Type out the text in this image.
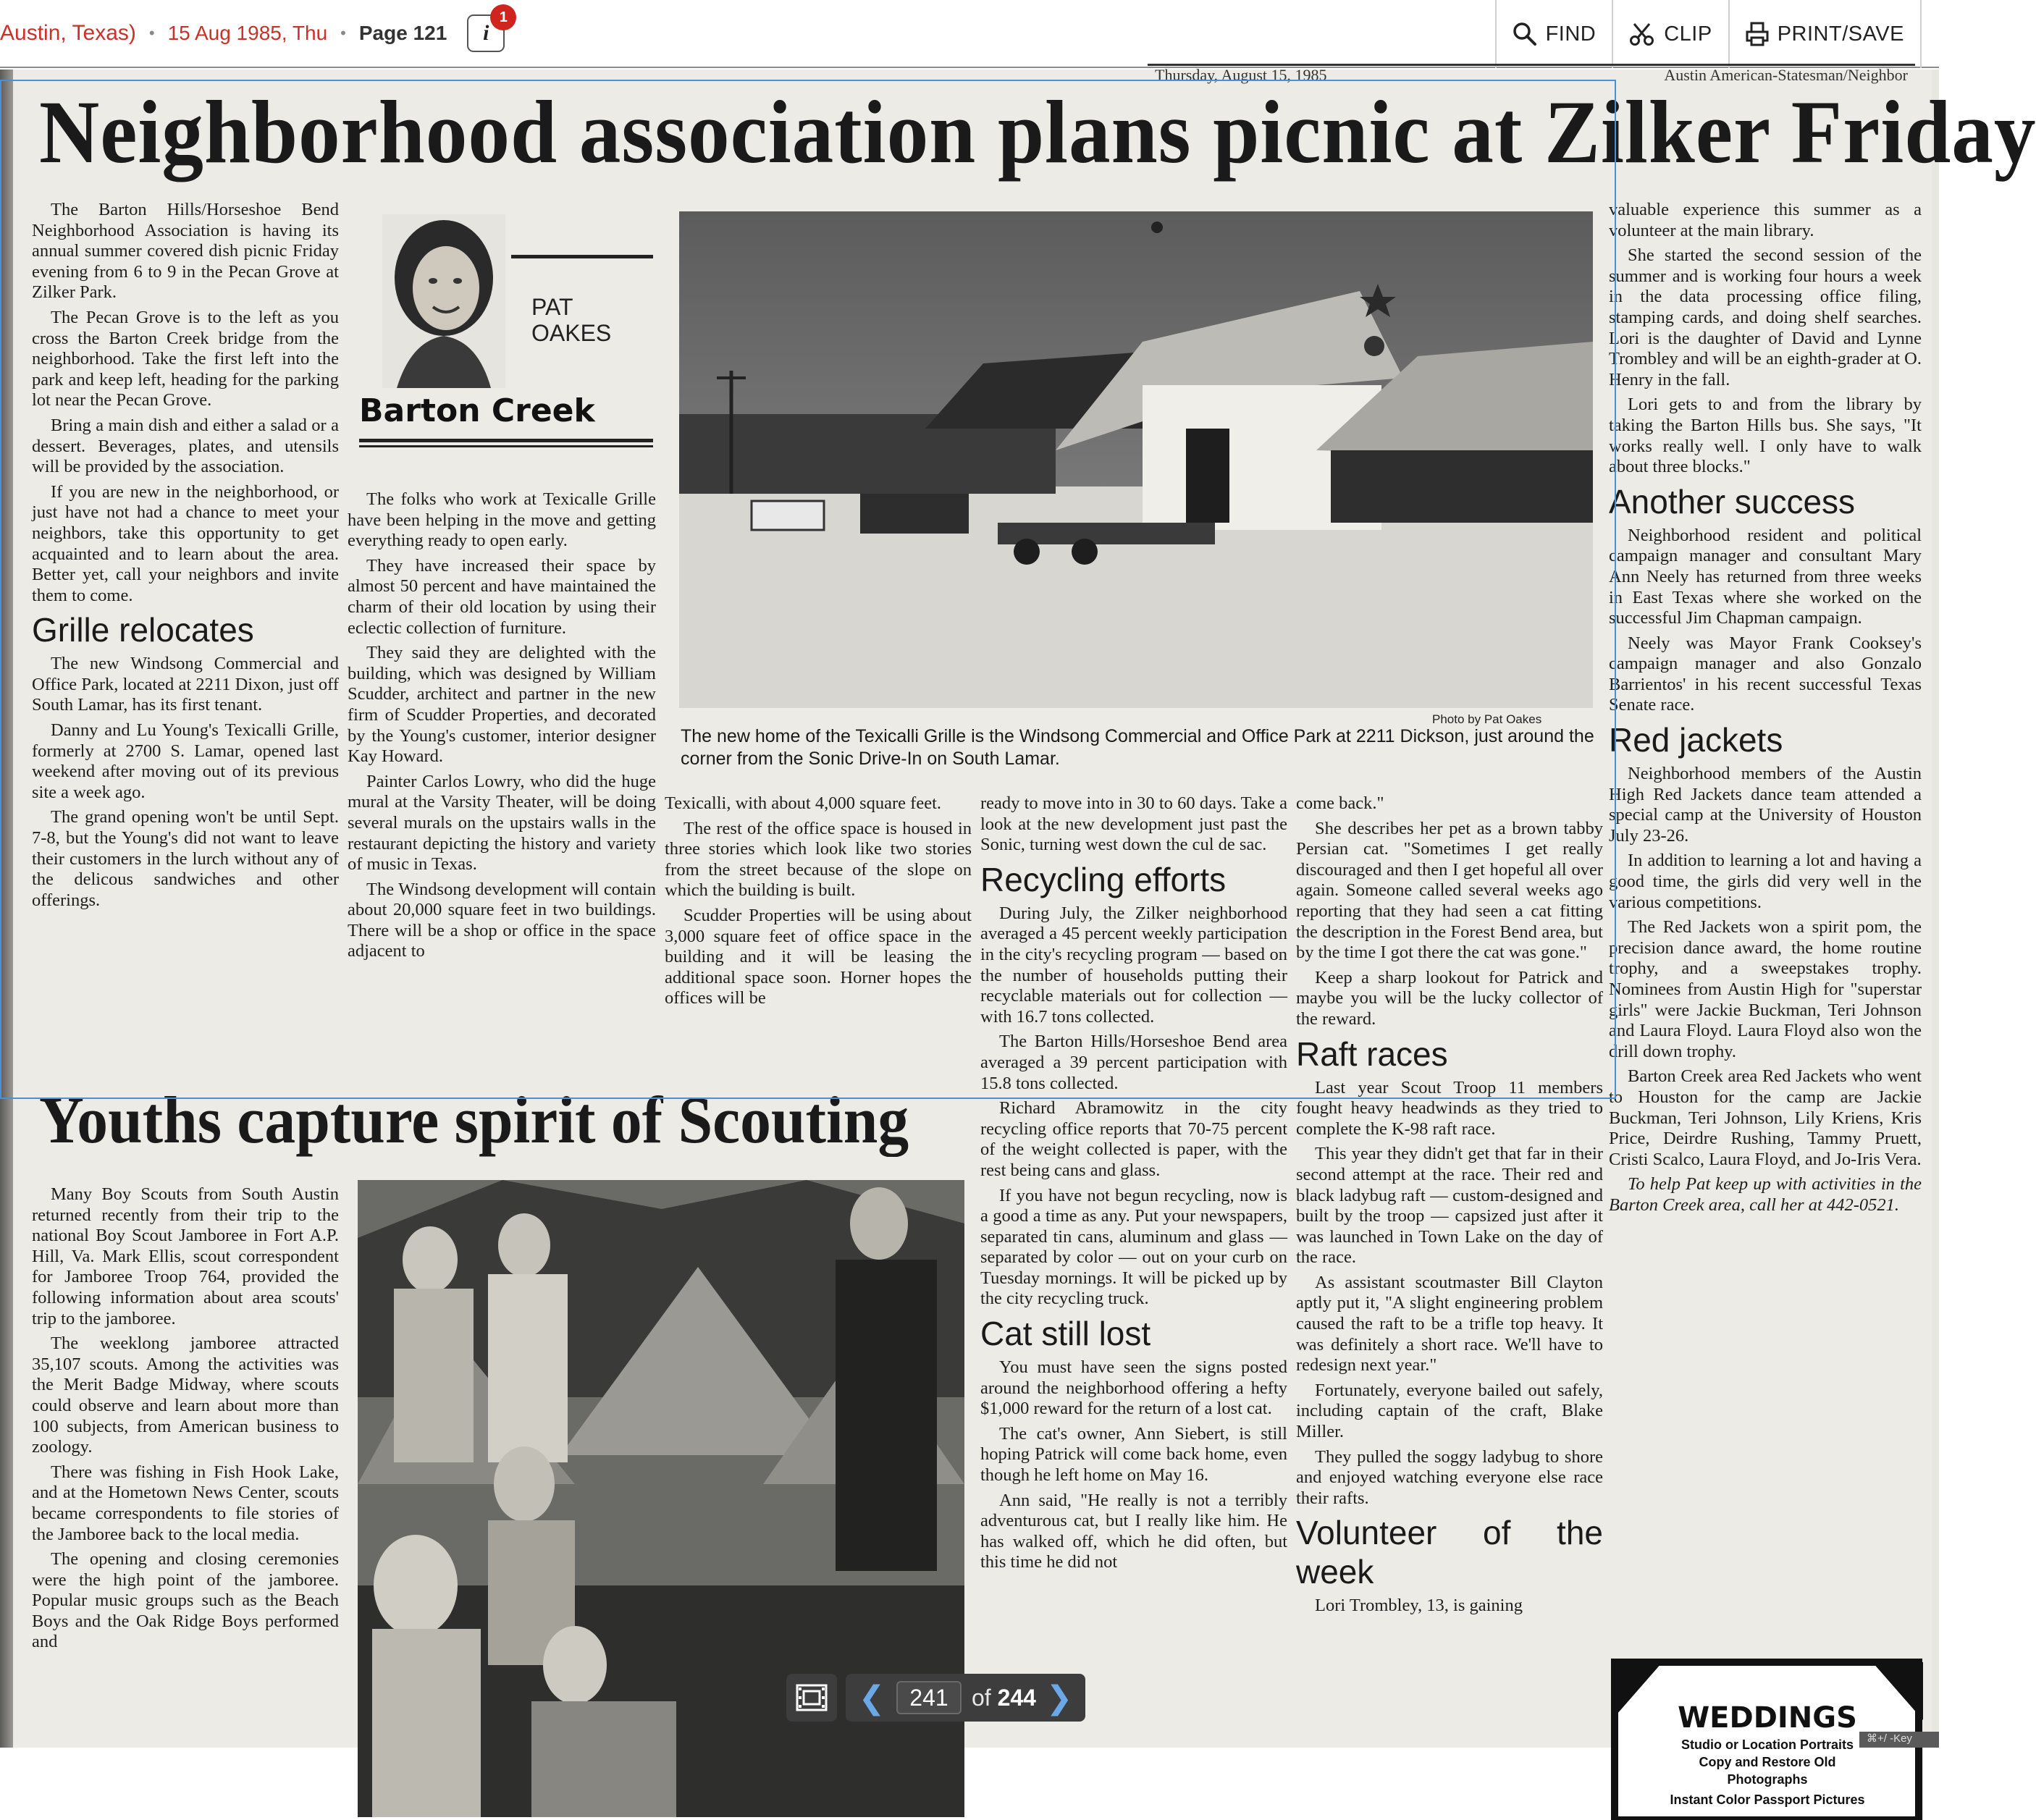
Austin, Texas) • 15 Aug 1985, Thu • Page 121 i
1
FIND	CLIP	PRINT/SAVE
Thursday, August 15, 1985	Austin American-Statesman/Neighbor
Neighborhood association plans picnic at Zilker Friday

The Barton Hills/Horseshoe Bend Neighborhood Association is having its annual summer covered dish picnic Friday evening from 6 to 9 in the Pecan Grove at Zilker Park.

The Pecan Grove is to the left as you cross the Barton Creek bridge from the neighborhood. Take the first left into the park and keep left, heading for the parking lot near the Pecan Grove.

Bring a main dish and either a salad or a dessert. Beverages, plates, and utensils will be provided by the association.

If you are new in the neighborhood, or just have not had a chance to meet your neighbors, take this opportunity to get acquainted and to learn about the area. Better yet, call your neighbors and invite them to come.

Grille relocates

The new Windsong Commercial and Office Park, located at 2211 Dixon, just off South Lamar, has its first tenant.

Danny and Lu Young's Texicalli Grille, formerly at 2700 S. Lamar, opened last weekend after moving out of its previous site a week ago.

The grand opening won't be until Sept. 7-8, but the Young's did not want to leave their customers in the lurch without any of the delicous sandwiches and other offerings.

PAT
OAKES
Barton Creek

The folks who work at Texicalle Grille have been helping in the move and getting everything ready to open early.

They have increased their space by almost 50 percent and have maintained the charm of their old location by using their eclectic collection of furniture.

They said they are delighted with the building, which was designed by William Scudder, architect and partner in the new firm of Scudder Properties, and decorated by the Young's customer, interior designer Kay Howard.

Painter Carlos Lowry, who did the huge mural at the Varsity Theater, will be doing several murals on the upstairs walls in the restaurant depicting the history and variety of music in Texas.

The Windsong development will contain about 20,000 square feet in two buildings. There will be a shop or office in the space adjacent to

Photo by Pat Oakes
The new home of the Texicalli Grille is the Windsong Commercial and Office Park at 2211 Dickson, just around the corner from the Sonic Drive-In on South Lamar.

Texicalli, with about 4,000 square feet.

The rest of the office space is housed in three stories which look like two stories from the street because of the slope on which the building is built.

Scudder Properties will be using about 3,000 square feet of office space in the building and it will be leasing the additional space soon. Horner hopes the offices will be

ready to move into in 30 to 60 days. Take a look at the new development just past the Sonic, turning west down the cul de sac.

Recycling efforts

During July, the Zilker neighborhood averaged a 45 percent weekly participation in the city's recycling program — based on the number of households putting their recyclable materials out for collection — with 16.7 tons collected.

The Barton Hills/Horseshoe Bend area averaged a 39 percent participation with 15.8 tons collected.

Richard Abramowitz in the city recycling office reports that 70-75 percent of the weight collected is paper, with the rest being cans and glass.

If you have not begun recycling, now is a good a time as any. Put your newspapers, separated tin cans, aluminum and glass — separated by color — out on your curb on Tuesday mornings. It will be picked up by the city recycling truck.

Cat still lost

You must have seen the signs posted around the neighborhood offering a hefty $1,000 reward for the return of a lost cat.

The cat's owner, Ann Siebert, is still hoping Patrick will come back home, even though he left home on May 16.

Ann said, "He really is not a terribly adventurous cat, but I really like him. He has walked off, which he did often, but this time he did not

come back."

She describes her pet as a brown tabby Persian cat. "Sometimes I get really discouraged and then I get hopeful all over again. Someone called several weeks ago reporting that they had seen a cat fitting the description in the Forest Bend area, but by the time I got there the cat was gone."

Keep a sharp lookout for Patrick and maybe you will be the lucky collector of the reward.

Raft races

Last year Scout Troop 11 members fought heavy headwinds as they tried to complete the K-98 raft race.

This year they didn't get that far in their second attempt at the race. Their red and black ladybug raft — custom-designed and built by the troop — capsized just after it was launched in Town Lake on the day of the race.

As assistant scoutmaster Bill Clayton aptly put it, "A slight engineering problem caused the raft to be a trifle top heavy. It was definitely a short race. We'll have to redesign next year."

Fortunately, everyone bailed out safely, including captain of the craft, Blake Miller.

They pulled the soggy ladybug to shore and enjoyed watching everyone else race their rafts.

Volunteer of the week

Lori Trombley, 13, is gaining

valuable experience this summer as a volunteer at the main library.

She started the second session of the summer and is working four hours a week in the data processing office filing, stamping cards, and doing shelf searches. Lori is the daughter of David and Lynne Trombley and will be an eighth-grader at O. Henry in the fall.

Lori gets to and from the library by taking the Barton Hills bus. She says, "It works really well. I only have to walk about three blocks."

Another success

Neighborhood resident and political campaign manager and consultant Mary Ann Neely has returned from three weeks in East Texas where she worked on the successful Jim Chapman campaign.

Neely was Mayor Frank Cooksey's campaign manager and also Gonzalo Barrientos' in his recent successful Texas Senate race.

Red jackets

Neighborhood members of the Austin High Red Jackets dance team attended a special camp at the University of Houston July 23-26.

In addition to learning a lot and having a good time, the girls did very well in the various competitions.

The Red Jackets won a spirit pom, the precision dance award, the home routine trophy, and a sweepstakes trophy. Nominees from Austin High for "superstar girls" were Jackie Buckman, Teri Johnson and Laura Floyd. Laura Floyd also won the drill down trophy.

Barton Creek area Red Jackets who went to Houston for the camp are Jackie Buckman, Teri Johnson, Lily Kriens, Kris Price, Deirdre Rushing, Tammy Pruett, Cristi Scalco, Laura Floyd, and Jo-Iris Vera.

To help Pat keep up with activities in the Barton Creek area, call her at 442-0521.

WEDDINGS
Studio or Location Portraits
Copy and Restore Old
Photographs
Instant Color Passport Pictures
Youths capture spirit of Scouting

Many Boy Scouts from South Austin returned recently from their trip to the national Boy Scout Jamboree in Fort A.P. Hill, Va. Mark Ellis, scout correspondent for Jamboree Troop 764, provided the following information about area scouts' trip to the jamboree.

The weeklong jamboree attracted 35,107 scouts. Among the activities was the Merit Badge Midway, where scouts could observe and learn about more than 100 subjects, from American business to zoology.

There was fishing in Fish Hook Lake, and at the Hometown News Center, scouts became correspondents to file stories of the Jamboree back to the local media.

The opening and closing ceremonies were the high point of the jamboree. Popular music groups such as the Beach Boys and the Oak Ridge Boys performed and

❮	241	of 244 ❯
⌘+/ -Key
